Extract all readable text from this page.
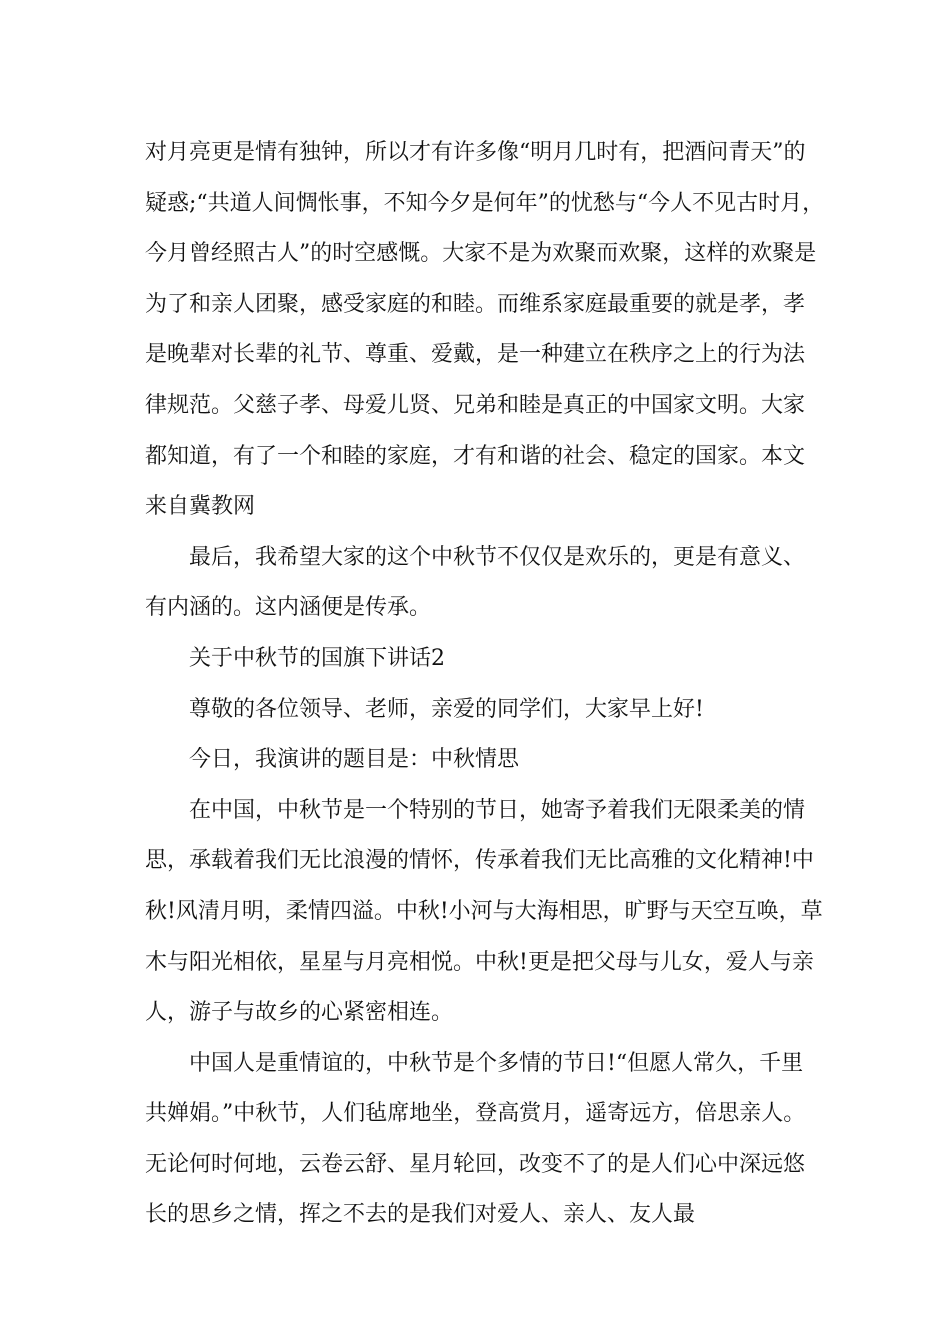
对月亮更是情有独钟，所以才有许多像“明月几时有，把酒问青天”的疑惑;“共道人间惆怅事，不知今夕是何年”的忧愁与“今人不见古时月，今月曾经照古人”的时空感慨。大家不是为欢聚而欢聚，这样的欢聚是为了和亲人团聚，感受家庭的和睦。而维系家庭最重要的就是孝，孝是晚辈对长辈的礼节、尊重、爱戴，是一种建立在秩序之上的行为法律规范。父慈子孝、母爱儿贤、兄弟和睦是真正的中国家文明。大家都知道，有了一个和睦的家庭，才有和谐的社会、稳定的国家。本文来自冀教网

最后，我希望大家的这个中秋节不仅仅是欢乐的，更是有意义、有内涵的。这内涵便是传承。

关于中秋节的国旗下讲话2

尊敬的各位领导、老师，亲爱的同学们，大家早上好!

今日，我演讲的题目是：中秋情思

在中国，中秋节是一个特别的节日，她寄予着我们无限柔美的情思，承载着我们无比浪漫的情怀，传承着我们无比高雅的文化精神!中秋!风清月明，柔情四溢。中秋!小河与大海相思，旷野与天空互唤，草木与阳光相依，星星与月亮相悦。中秋!更是把父母与儿女，爱人与亲人，游子与故乡的心紧密相连。

中国人是重情谊的，中秋节是个多情的节日!“但愿人常久，千里共婵娟。”中秋节，人们毡席地坐，登高赏月，遥寄远方，倍思亲人。无论何时何地，云卷云舒、星月轮回，改变不了的是人们心中深远悠长的思乡之情，挥之不去的是我们对爱人、亲人、友人最
